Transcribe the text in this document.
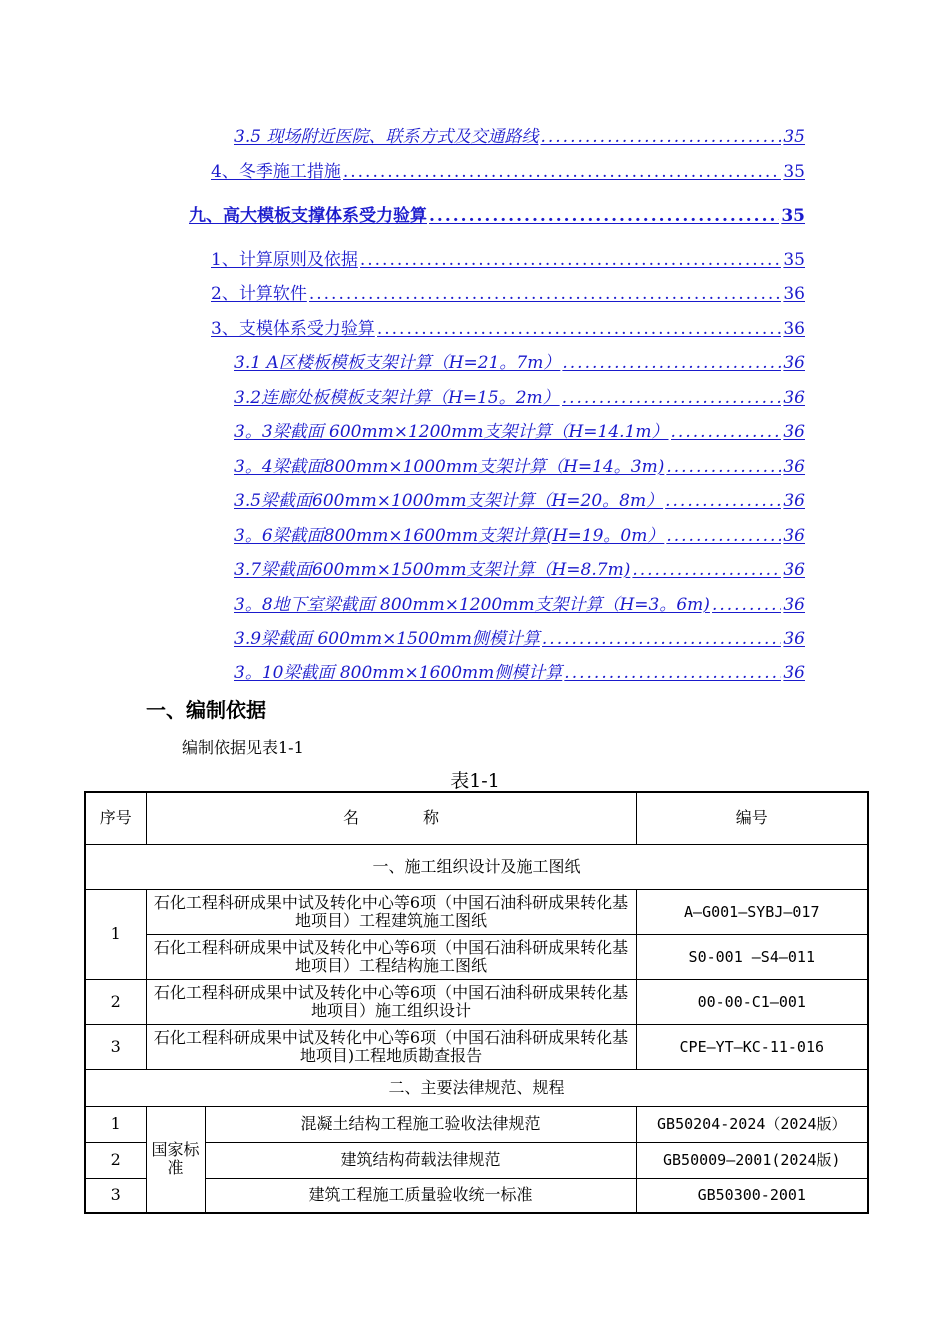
3.5 现场附近医院、联系方式及交通路线 .....	35
4、冬季施工措施 .....	35
九、高大模板支撑体系受力验算 .....	35
1、计算原则及依据 .....	35
2、计算软件 .....	36
3、支模体系受力验算 .....	36
3.1 A区楼板模板支架计算（H=21。7m） .....	36
3.2连廊处板模板支架计算（H=15。2m） .....	36
3。3梁截面 600mm×1200mm支架计算（H=14.1m） .....	36
3。4梁截面800mm×1000mm支架计算（H=14。3m) .....	36
3.5梁截面600mm×1000mm支架计算（H=20。8m） .....	36
3。6梁截面800mm×1600mm支架计算(H=19。0m） .....	36
3.7梁截面600mm×1500mm支架计算（H=8.7m) .....	36
3。8地下室梁截面 800mm×1200mm支架计算（H=3。6m) .....	36
3.9梁截面 600mm×1500mm侧模计算 .....	36
3。10梁截面 800mm×1600mm侧模计算 .....	36
一、编制依据
编制依据见表1-1
表1-1
序号	名　　　　称		编号
一、施工组织设计及施工图纸			
1	石化工程科研成果中试及转化中心等6项（中国石油科研成果转化基地项目）工程建筑施工图纸		A—G001—SYBJ—017
	石化工程科研成果中试及转化中心等6项（中国石油科研成果转化基地项目）工程结构施工图纸		S0-001 —S4—011
2	石化工程科研成果中试及转化中心等6项（中国石油科研成果转化基地项目）施工组织设计		00-00-C1—001
3	石化工程科研成果中试及转化中心等6项（中国石油科研成果转化基地项目)工程地质勘查报告		CPE—YT—KC-11-016
二、主要法律规范、规程			
1	国家标准	混凝土结构工程施工验收法律规范	GB50204-2024（2024版）
2		建筑结构荷载法律规范	GB50009—2001(2024版)
3		建筑工程施工质量验收统一标准	GB50300-2001
